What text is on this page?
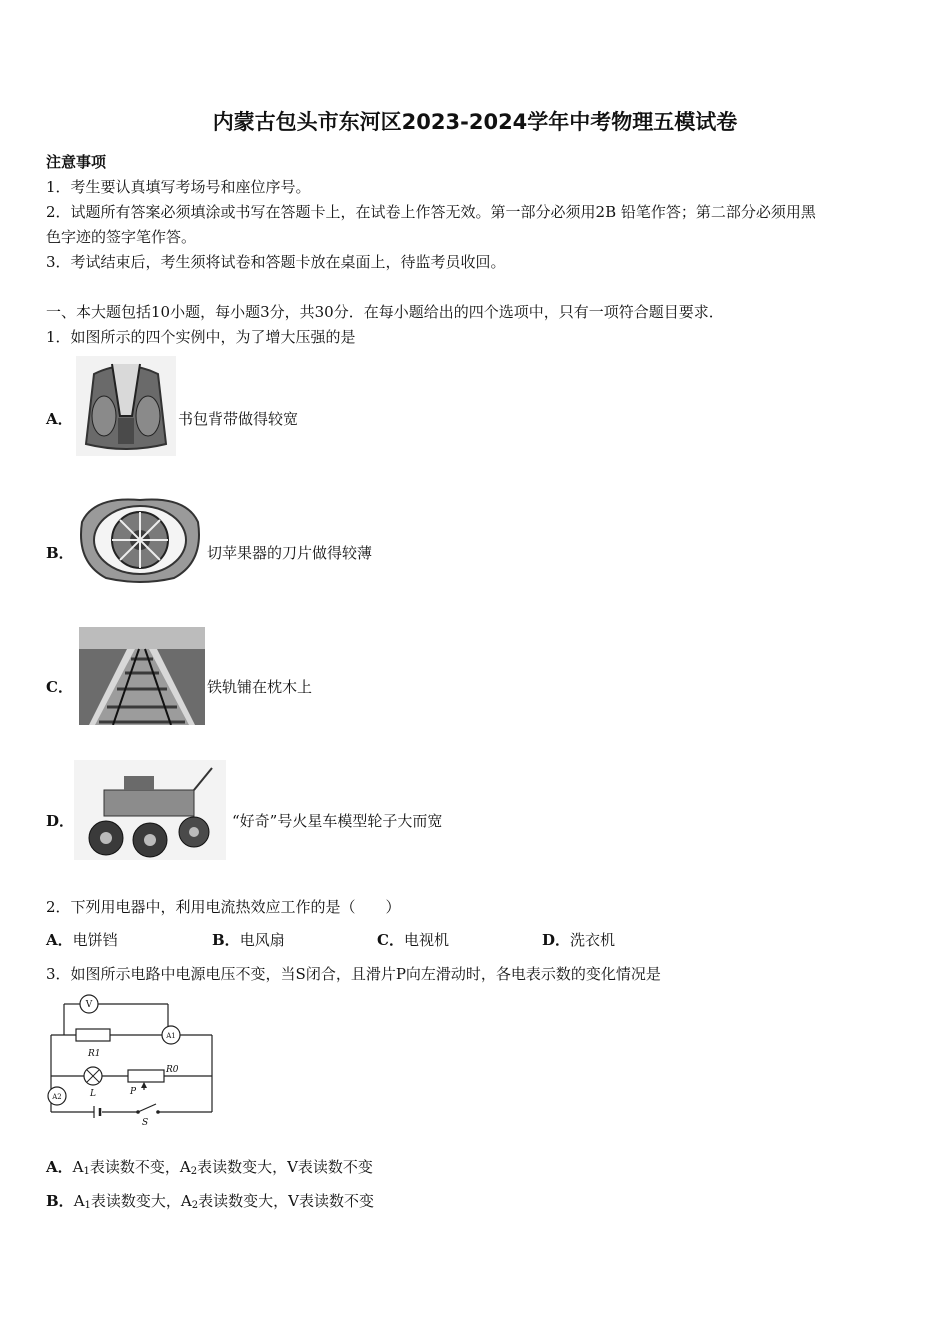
内蒙古包头市东河区2023-2024学年中考物理五模试卷
注意事项
1．考生要认真填写考场号和座位序号。
2．试题所有答案必须填涂或书写在答题卡上，在试卷上作答无效。第一部分必须用2B 铅笔作答；第二部分必须用黑
色字迹的签字笔作答。
3．考试结束后，考生须将试卷和答题卡放在桌面上，待监考员收回。
一、本大题包括10小题，每小题3分，共30分．在每小题给出的四个选项中，只有一项符合题目要求．
1．如图所示的四个实例中，为了增大压强的是
A．	书包背带做得较宽
B．	切苹果器的刀片做得较薄
C．	铁轨铺在枕木上
D．	“好奇”号火星车模型轮子大而宽
2．下列用电器中，利用电流热效应工作的是（　　）
A．电饼铛	B．电风扇	C．电视机	D．洗衣机
3．如图所示电路中电源电压不变，当S闭合，且滑片P向左滑动时，各电表示数的变化情况是
V
A1
A2
R1
R0
L	P
S
A．$A_1$表读数不变，$A_2$表读数变大，V表读数不变
B．$A_1$表读数变大，$A_2$表读数变大，V表读数不变
